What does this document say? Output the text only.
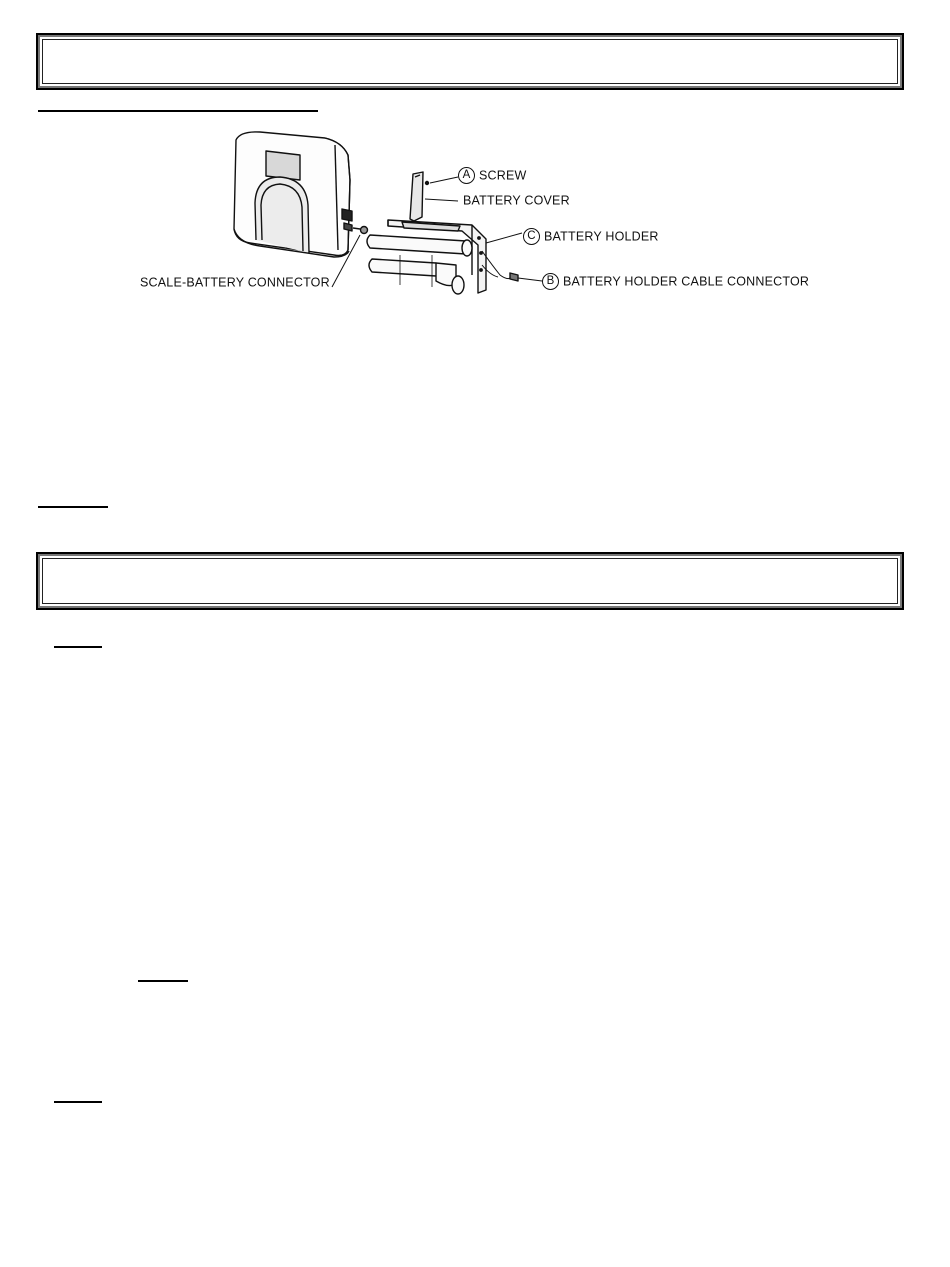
A SCREW
BATTERY COVER
C BATTERY HOLDER
B BATTERY HOLDER CABLE CONNECTOR
SCALE-BATTERY CONNECTOR
